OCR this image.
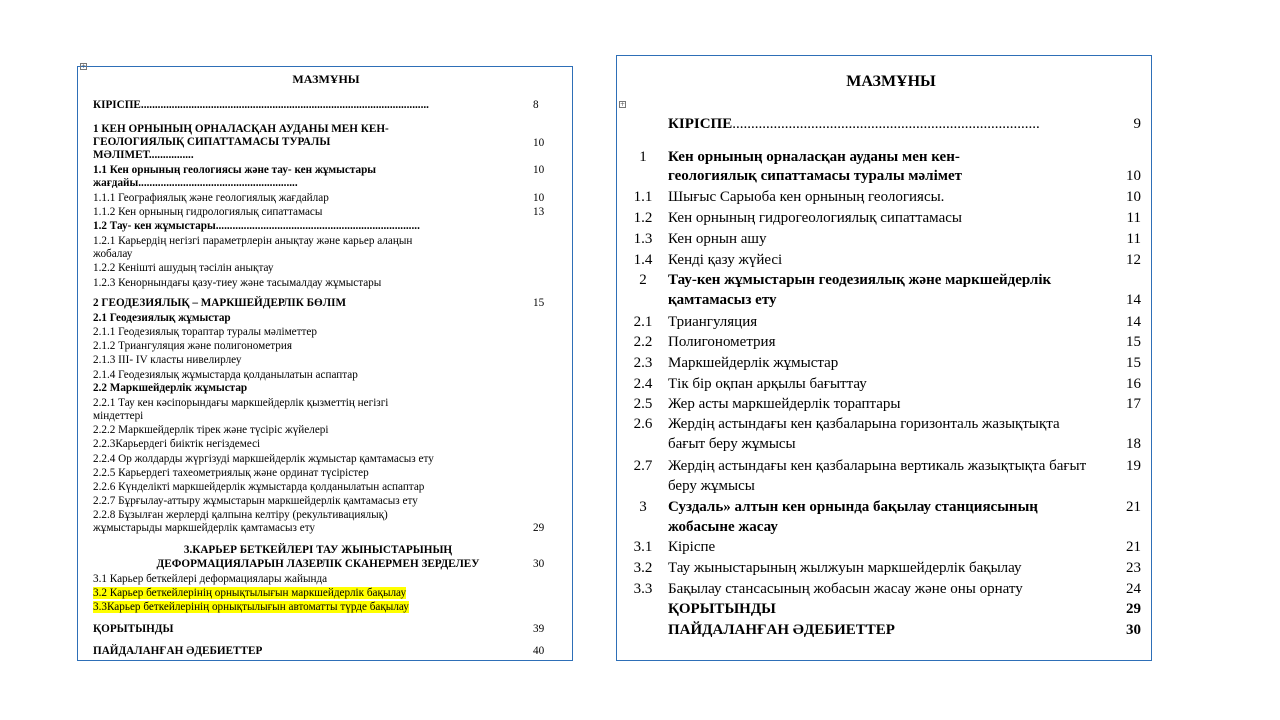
+
МАЗМҰНЫ
КІРІСПЕ.......................................................................................................	8
1 КЕН ОРНЫНЫҢ ОРНАЛАСҚАН АУДАНЫ МЕН КЕН-
ГЕОЛОГИЯЛЫҚ СИПАТТАМАСЫ ТУРАЛЫ	10
МӘЛІМЕТ................
1.1 Кен орнының геологиясы және тау- кен жұмыстары	10
жағдайы.........................................................
1.1.1 Географиялық және геологиялық жағдайлар	10
1.1.2 Кен орнының гидрологиялық сипаттамасы	13
1.2 Тау- кен жұмыстары.........................................................................
1.2.1 Карьердің негізгі параметрлерін анықтау және карьер алаңын
жобалау
1.2.2 Кеніштi ашудың тәсiлiн анықтау
1.2.3 Кенорнындағы қазу-тиеу және тасымалдау жұмыстары
2 ГЕОДЕЗИЯЛЫҚ – МАРКШЕЙДЕРЛІК БӨЛІМ	15
2.1 Геодезиялық жұмыстар
2.1.1 Геодезиялық торaптар туралы мәліметтер
2.1.2 Триангуляция және полигонометрия
2.1.3 III- IV класты нивелирлеу
2.1.4 Геодезиялық жұмыстарда қолданылатын аспаптар
2.2 Маркшейдерлік жұмыстар
2.2.1 Тау кен кәсіпорындағы маркшейдерлік қызметтің негізгі
міндеттері
2.2.2 Маркшейдерлік тірек және түсіріс жүйелері
2.2.3Карьердегі биіктік негіздемесі
2.2.4 Ор жолдарды жүргізуді маркшейдерлік жұмыстар қамтамасыз ету
2.2.5 Карьердегі тахеометриялық және ординат түсірістер
2.2.6 Күнделікті маркшейдерлік жұмыстарда қолданылатын аспаптар
2.2.7 Бұрғылау-аттыру жұмыстарын маркшейдерлік қамтамасыз ету
2.2.8 Бұзылған жерлерді қалпына келтіру (рекультивациялық)
жұмыстарыды маркшейдерлік қамтамасыз ету	29
3.КАРЬЕР БЕТКЕЙЛЕРІ ТАУ ЖЫНЫСТАРЫНЫҢ
ДЕФОРМАЦИЯЛАРЫН ЛАЗЕРЛІК СКАНЕРМЕН ЗЕРДЕЛЕУ	30
3.1 Карьер беткейлері деформациялары жайында
3.2 Карьер беткейлерінің орнықтылығын маркшейдерлік бақылау
3.3Карьер беткейлерінің орнықтылығын автоматты түрде бақылау
ҚОРЫТЫНДЫ	39
ПАЙДАЛАНҒАН ӘДЕБИЕТТЕР	40
+
МАЗМҰНЫ
КІРІСПЕ..................................................................................	9
1	Кен орнының орналасқан ауданы мен кен-
геологиялық сипаттамасы туралы мәлімет	10
1.1	Шығыс Сарыоба кен орнының геологиясы.	10
1.2	Кен орнының гидрогеологиялық сипаттамасы	11
1.3	Кен орнын ашу	11
1.4	Кенді қазу жүйесі	12
2	Тау-кен жұмыстарын геодезиялық және маркшейдерлік
қамтамасыз ету	14
2.1	Триангуляция	14
2.2	Полигонометрия	15
2.3	Маркшейдерлік жұмыстар	15
2.4	Тік бір оқпан арқылы бағыттау	16
2.5	Жер асты маркшейдерлік тораптары	17
2.6	Жердің астындағы кен қазбаларына горизонталь жазықтықта
бағыт беру жұмысы	18
2.7	Жердің астындағы кен қазбаларына вертикаль жазықтықта бағыт	19
беру жұмысы
3	Суздаль» алтын кен орнында бақылау станциясының	21
жобасыне жасау
3.1	Кіріспе	21
3.2	Тау жыныстарының жылжуын маркшейдерлік бақылау	23
3.3	Бақылау стансасының жобасын жасау және оны орнату	24
ҚОРЫТЫНДЫ	29
ПАЙДАЛАНҒАН ӘДЕБИЕТТЕР	30
